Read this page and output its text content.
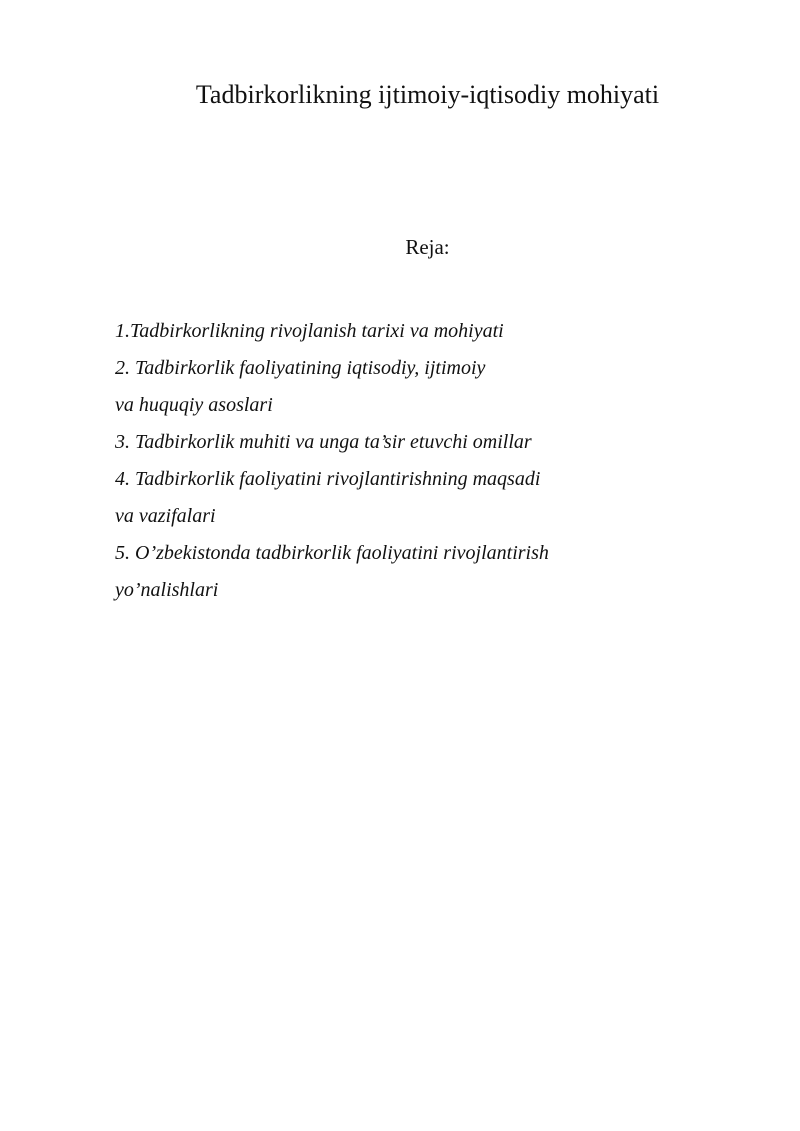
Tadbirkorlikning ijtimoiy-iqtisodiy mohiyati
Reja:
1.Tadbirkorlikning rivojlanish tarixi va mohiyati
2. Tadbirkorlik faoliyatining iqtisodiy, ijtimoiy
va huquqiy asoslari
3. Tadbirkorlik muhiti va unga ta’sir etuvchi omillar
4. Tadbirkorlik faoliyatini rivojlantirishning maqsadi
va vazifalari
5. O’zbekistonda tadbirkorlik faoliyatini rivojlantirish
yo’nalishlari
